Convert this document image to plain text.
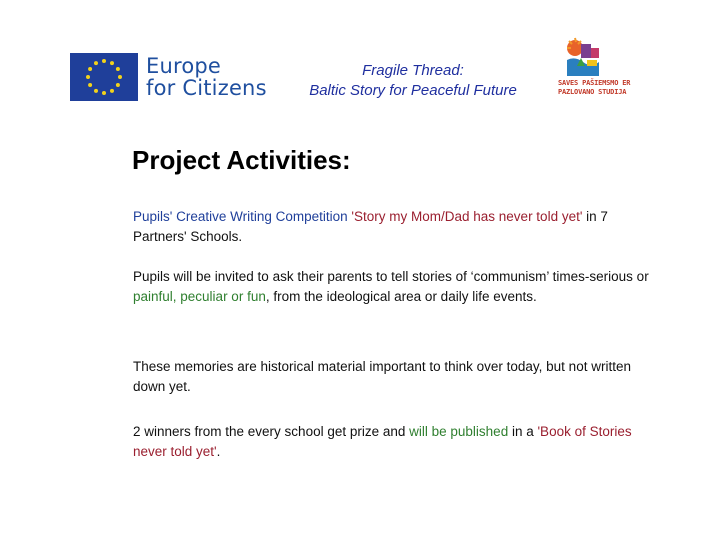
Europe
for Citizens
Fragile Thread:
Baltic Story for Peaceful Future	SAVES PAŠIEMSMO ER
PAZLOVANO STUDIJA
Project Activities:

Pupils' Creative Writing Competition 'Story my Mom/Dad has never told yet' in 7 Partners' Schools.

Pupils will be invited to ask their parents to tell stories of ‘communism’ times-serious or painful, peculiar or fun, from the ideological area or daily life events.

These memories are historical material important to think over today, but not written down yet.

2 winners from the every school get prize and will be published in a 'Book of Stories never told yet'.
